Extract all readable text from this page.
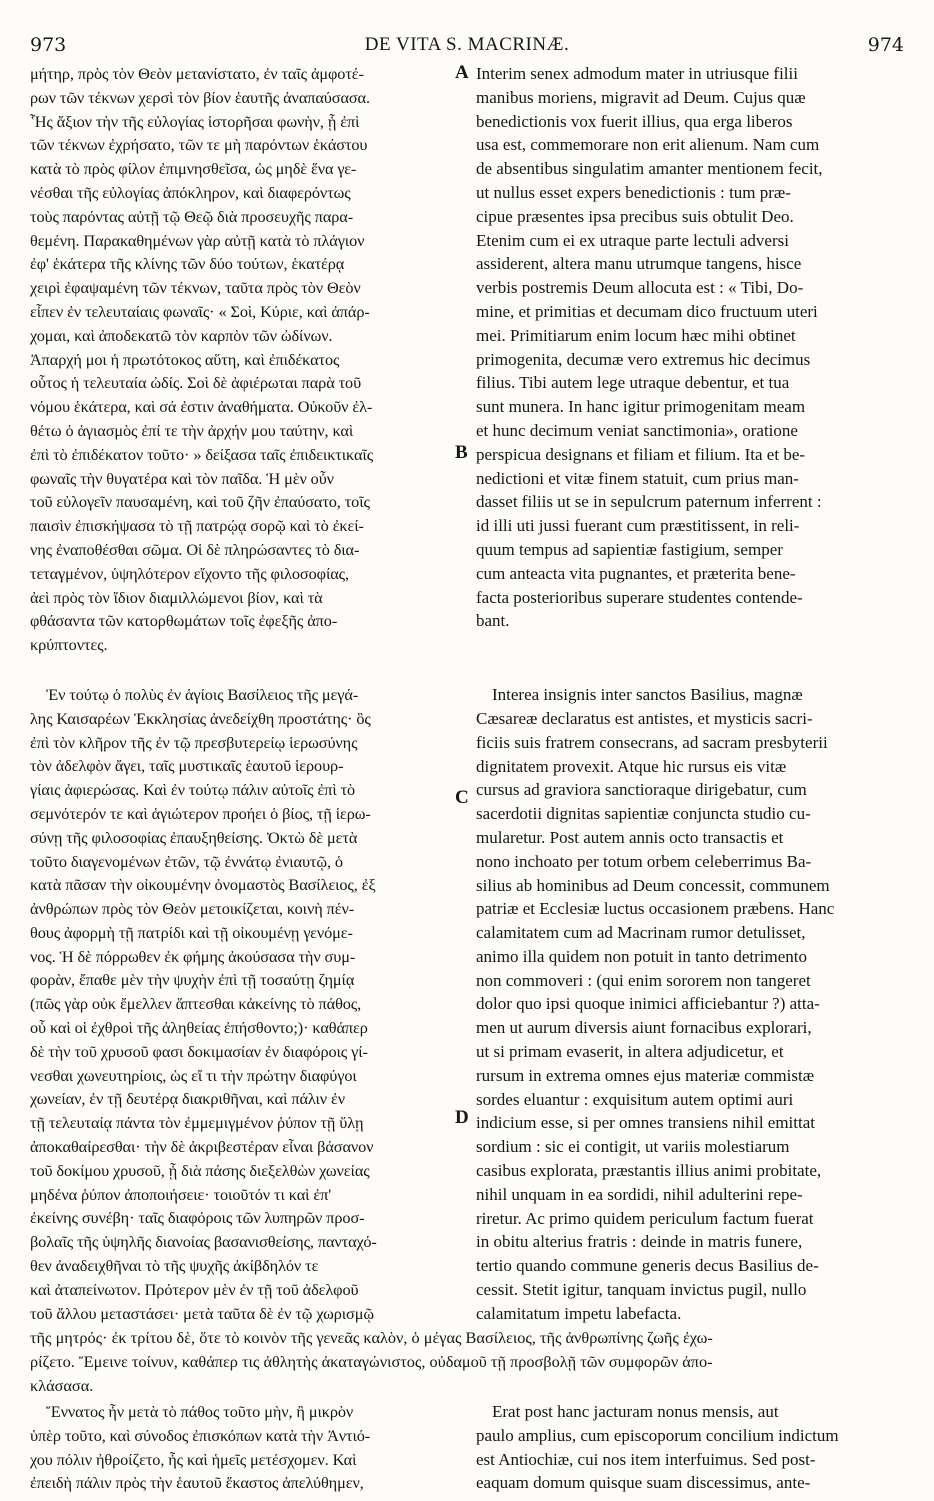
973	DE VITA S. MACRINÆ.	974
A
B
C
D
μήτηρ, πρὸς τὸν Θεὸν μετανίστατο, ἐν ταῖς ἀμφοτέ-
ρων τῶν τέκνων χερσὶ τὸν βίον ἑαυτῆς ἀναπαύσασα.
Ἧς ἄξιον τὴν τῆς εὐλογίας ἱστορῆσαι φωνὴν, ᾗ ἐπὶ
τῶν τέκνων ἐχρήσατο, τῶν τε μὴ παρόντων ἑκάστου
κατὰ τὸ πρὸς φίλον ἐπιμνησθεῖσα, ὡς μηδὲ ἕνα γε-
νέσθαι τῆς εὐλογίας ἀπόκληρον, καὶ διαφερόντως
τοὺς παρόντας αὐτῇ τῷ Θεῷ διὰ προσευχῆς παρα-
θεμένη. Παρακαθημένων γὰρ αὐτῇ κατὰ τὸ πλάγιον
ἐφ' ἑκάτερα τῆς κλίνης τῶν δύο τούτων, ἑκατέρᾳ
χειρὶ ἐφαψαμένη τῶν τέκνων, ταῦτα πρὸς τὸν Θεὸν
εἶπεν ἐν τελευταίαις φωναῖς· « Σοὶ, Κύριε, καὶ ἀπάρ-
χομαι, καὶ ἀποδεκατῶ τὸν καρπὸν τῶν ὠδίνων.
Ἀπαρχή μοι ἡ πρωτότοκος αὕτη, καὶ ἐπιδέκατος
οὗτος ἡ τελευταία ὠδίς. Σοὶ δὲ ἀφιέρωται παρὰ τοῦ
νόμου ἑκάτερα, καὶ σά ἐστιν ἀναθήματα. Οὐκοῦν ἐλ-
θέτω ὁ ἁγιασμὸς ἐπί τε τὴν ἀρχήν μου ταύτην, καὶ
ἐπὶ τὸ ἐπιδέκατον τοῦτο· » δείξασα ταῖς ἐπιδεικτικαῖς
φωναῖς τὴν θυγατέρα καὶ τὸν παῖδα. Ἡ μὲν οὖν
τοῦ εὐλογεῖν παυσαμένη, καὶ τοῦ ζῆν ἐπαύσατο, τοῖς
παισὶν ἐπισκήψασα τὸ τῇ πατρῴᾳ σορῷ καὶ τὸ ἐκεί-
νης ἐναποθέσθαι σῶμα. Οἱ δὲ πληρώσαντες τὸ δια-
τεταγμένον, ὑψηλότερον εἴχοντο τῆς φιλοσοφίας,
ἀεὶ πρὸς τὸν ἴδιον διαμιλλώμενοι βίον, καὶ τὰ
φθάσαντα τῶν κατορθωμάτων τοῖς ἐφεξῆς ἀπο-
κρύπτοντες.
Ἐν τούτῳ ὁ πολὺς ἐν ἁγίοις Βασίλειος τῆς μεγά-
λης Καισαρέων Ἐκκλησίας ἀνεδείχθη προστάτης· ὃς
ἐπὶ τὸν κλῆρον τῆς ἐν τῷ πρεσβυτερείῳ ἱερωσύνης
τὸν ἀδελφὸν ἄγει, ταῖς μυστικαῖς ἑαυτοῦ ἱερουρ-
γίαις ἀφιερώσας. Καὶ ἐν τούτῳ πάλιν αὐτοῖς ἐπὶ τὸ
σεμνότερόν τε καὶ ἁγιώτερον προήει ὁ βίος, τῇ ἱερω-
σύνῃ τῆς φιλοσοφίας ἐπαυξηθείσης. Ὀκτὼ δὲ μετὰ
τοῦτο διαγενομένων ἐτῶν, τῷ ἐννάτῳ ἐνιαυτῷ, ὁ
κατὰ πᾶσαν τὴν οἰκουμένην ὀνομαστὸς Βασίλειος, ἐξ
ἀνθρώπων πρὸς τὸν Θεὸν μετοικίζεται, κοινὴ πέν-
θους ἀφορμὴ τῇ πατρίδι καὶ τῇ οἰκουμένῃ γενόμε-
νος. Ἡ δὲ πόρρωθεν ἐκ φήμης ἀκούσασα τὴν συμ-
φορὰν, ἔπαθε μὲν τὴν ψυχὴν ἐπὶ τῇ τοσαύτῃ ζημίᾳ
(πῶς γὰρ οὐκ ἔμελλεν ἅπτεσθαι κἀκείνης τὸ πάθος,
οὗ καὶ οἱ ἐχθροὶ τῆς ἀληθείας ἐπήσθοντο;)· καθάπερ
δὲ τὴν τοῦ χρυσοῦ φασι δοκιμασίαν ἐν διαφόροις γί-
νεσθαι χωνευτηρίοις, ὡς εἴ τι τὴν πρώτην διαφύγοι
χωνείαν, ἐν τῇ δευτέρᾳ διακριθῆναι, καὶ πάλιν ἐν
τῇ τελευταίᾳ πάντα τὸν ἐμμεμιγμένον ῥύπον τῇ ὕλῃ
ἀποκαθαίρεσθαι· τὴν δὲ ἀκριβεστέραν εἶναι βάσανον
τοῦ δοκίμου χρυσοῦ, ᾗ διὰ πάσης διεξελθὼν χωνείας
μηδένα ῥύπον ἀποποιήσειε· τοιοῦτόν τι καὶ ἐπ'
ἐκείνης συνέβη· ταῖς διαφόροις τῶν λυπηρῶν προσ-
βολαῖς τῆς ὑψηλῆς διανοίας βασανισθείσης, πανταχό-
θεν ἀναδειχθῆναι τὸ τῆς ψυχῆς ἀκίβδηλόν τε
καὶ ἀταπείνωτον. Πρότερον μὲν ἐν τῇ τοῦ ἀδελφοῦ
τοῦ ἄλλου μεταστάσει· μετὰ ταῦτα δὲ ἐν τῷ χωρισμῷ
Interim senex admodum mater in utriusque filii
manibus moriens, migravit ad Deum. Cujus quæ
benedictionis vox fuerit illius, qua erga liberos
usa est, commemorare non erit alienum. Nam cum
de absentibus singulatim amanter mentionem fecit,
ut nullus esset expers benedictionis : tum præ-
cipue præsentes ipsa precibus suis obtulit Deo.
Etenim cum ei ex utraque parte lectuli adversi
assiderent, altera manu utrumque tangens, hisce
verbis postremis Deum allocuta est : « Tibi, Do-
mine, et primitias et decumam dico fructuum uteri
mei. Primitiarum enim locum hæc mihi obtinet
primogenita, decumæ vero extremus hic decimus
filius. Tibi autem lege utraque debentur, et tua
sunt munera. In hanc igitur primogenitam meam
et hunc decimum veniat sanctimonia», oratione
perspicua designans et filiam et filium. Ita et be-
nedictioni et vitæ finem statuit, cum prius man-
dasset filiis ut se in sepulcrum paternum inferrent :
id illi uti jussi fuerant cum præstitissent, in reli-
quum tempus ad sapientiæ fastigium, semper
cum anteacta vita pugnantes, et præterita bene-
facta posterioribus superare studentes contende-
bant.
Interea insignis inter sanctos Basilius, magnæ
Cæsareæ declaratus est antistes, et mysticis sacri-
ficiis suis fratrem consecrans, ad sacram presbyterii
dignitatem provexit. Atque hic rursus eis vitæ
cursus ad graviora sanctioraque dirigebatur, cum
sacerdotii dignitas sapientiæ conjuncta studio cu-
mularetur. Post autem annis octo transactis et
nono inchoato per totum orbem celeberrimus Ba-
silius ab hominibus ad Deum concessit, communem
patriæ et Ecclesiæ luctus occasionem præbens. Hanc
calamitatem cum ad Macrinam rumor detulisset,
animo illa quidem non potuit in tanto detrimento
non commoveri : (qui enim sororem non tangeret
dolor quo ipsi quoque inimici afficiebantur ?) atta-
men ut aurum diversis aiunt fornacibus explorari,
ut si primam evaserit, in altera adjudicetur, et
rursum in extrema omnes ejus materiæ commistæ
sordes eluantur : exquisitum autem optimi auri
indicium esse, si per omnes transiens nihil emittat
sordium : sic ei contigit, ut variis molestiarum
casibus explorata, præstantis illius animi probitate,
nihil unquam in ea sordidi, nihil adulterini repe-
riretur. Ac primo quidem periculum factum fuerat
in obitu alterius fratris : deinde in matris funere,
tertio quando commune generis decus Basilius de-
cessit. Stetit igitur, tanquam invictus pugil, nullo
calamitatum impetu labefacta.
τῆς μητρός· ἐκ τρίτου δὲ, ὅτε τὸ κοινὸν τῆς γενεᾶς καλὸν, ὁ μέγας Βασίλειος, τῆς ἀνθρωπίνης ζωῆς ἐχω-
ρίζετο. Ἔμεινε τοίνυν, καθάπερ τις ἀθλητὴς ἀκαταγώνιστος, οὐδαμοῦ τῇ προσβολῇ τῶν συμφορῶν ἀπο-
κλάσασα.
Ἔννατος ἦν μετὰ τὸ πάθος τοῦτο μὴν, ἢ μικρὸν
ὑπὲρ τοῦτο, καὶ σύνοδος ἐπισκόπων κατὰ τὴν Ἀντιό-
χου πόλιν ἠθροίζετο, ἧς καὶ ἡμεῖς μετέσχομεν. Καὶ
ἐπειδὴ πάλιν πρὸς τὴν ἑαυτοῦ ἕκαστος ἀπελύθημεν,
Erat post hanc jacturam nonus mensis, aut
paulo amplius, cum episcoporum concilium indictum
est Antiochiæ, cui nos item interfuimus. Sed post-
eaquam domum quisque suam discessimus, ante-
